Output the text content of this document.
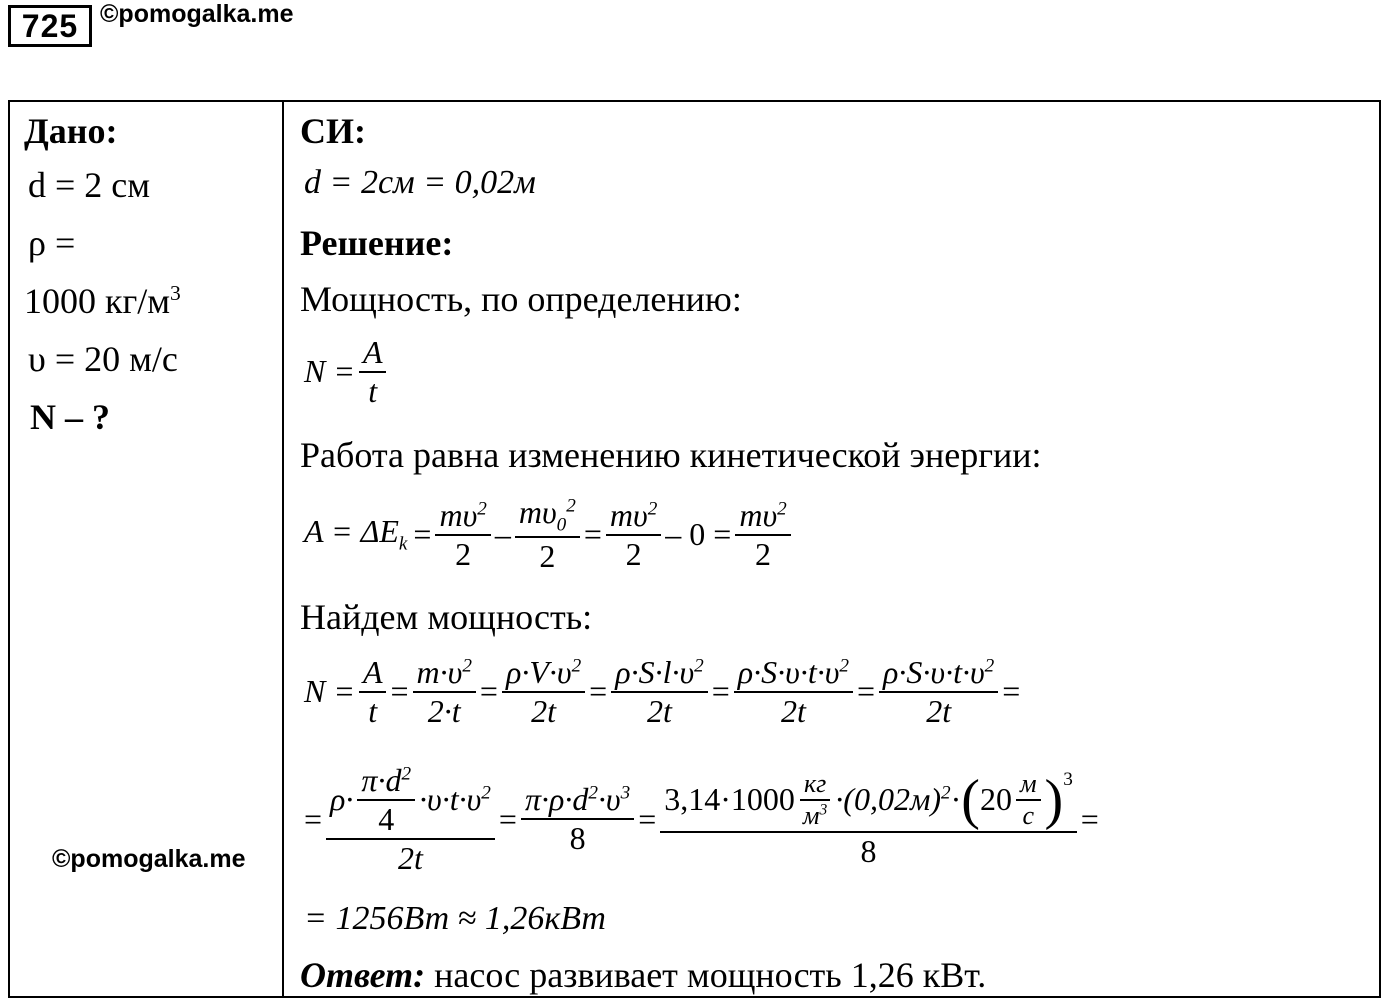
725 ©pomogalka.me
Дано:
d = 2 см
ρ =
1000 $кг/м^3$
υ = 20 м/с
N – ?
СИ:
d = 2см = 0,02м
Решение:
Мощность, по определению:
$N = \frac{A}{t}$
Работа равна изменению кинетической энергии:
$A = \Delta E_k = \frac{m\upsilon^2}{2} - \frac{m\upsilon_0^2}{2} = \frac{m\upsilon^2}{2} - 0 = \frac{m\upsilon^2}{2}$
Найдем мощность:
$N = \frac{A}{t} = \frac{m\cdot\upsilon^2}{2\cdot t} = \frac{\rho\cdot V\cdot\upsilon^2}{2t} = \frac{\rho\cdot S\cdot l\cdot\upsilon^2}{2t} = \frac{\rho\cdot S\cdot\upsilon\cdot t\cdot\upsilon^2}{2t} = \frac{\rho\cdot S\cdot\upsilon\cdot t\cdot\upsilon^2}{2t}$ =
=
$\rho\cdot \frac{\pi\cdot d^2}{4} \cdot\upsilon\cdot t\cdot\upsilon^2$
2t
= $\frac{\pi\cdot\rho\cdot d^2\cdot\upsilon^3}{8}$ =
$3,14\cdot 1000 \frac{кг}{м^3} \cdot(0,02м)^2$ · ( $20 \frac{м}{с} )^3$
8
=
= 1256Вт ≈ 1,26кВт
Ответ: насос развивает мощность 1,26 кВт.
©pomogalka.me
